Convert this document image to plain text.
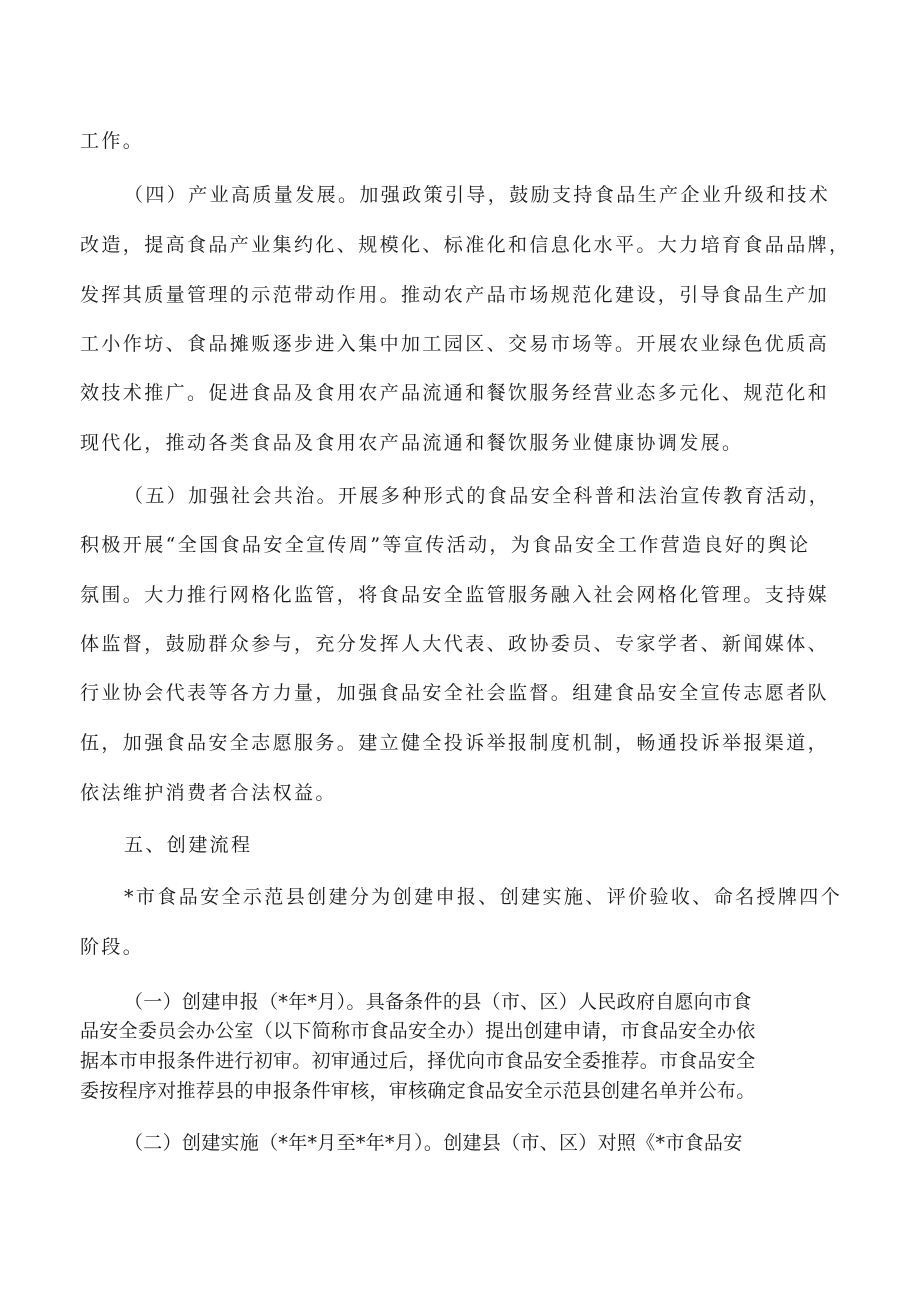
工作。
（四）产业高质量发展。加强政策引导，鼓励支持食品生产企业升级和技术
改造，提高食品产业集约化、规模化、标准化和信息化水平。大力培育食品品牌，
发挥其质量管理的示范带动作用。推动农产品市场规范化建设，引导食品生产加
工小作坊、食品摊贩逐步进入集中加工园区、交易市场等。开展农业绿色优质高
效技术推广。促进食品及食用农产品流通和餐饮服务经营业态多元化、规范化和
现代化，推动各类食品及食用农产品流通和餐饮服务业健康协调发展。
（五）加强社会共治。开展多种形式的食品安全科普和法治宣传教育活动，
积极开展“全国食品安全宣传周”等宣传活动，为食品安全工作营造良好的舆论
氛围。大力推行网格化监管，将食品安全监管服务融入社会网格化管理。支持媒
体监督，鼓励群众参与，充分发挥人大代表、政协委员、专家学者、新闻媒体、
行业协会代表等各方力量，加强食品安全社会监督。组建食品安全宣传志愿者队
伍，加强食品安全志愿服务。建立健全投诉举报制度机制，畅通投诉举报渠道，
依法维护消费者合法权益。
五、创建流程
*市食品安全示范县创建分为创建申报、创建实施、评价验收、命名授牌四个
阶段。
（一）创建申报（*年*月）。具备条件的县（市、区）人民政府自愿向市食
品安全委员会办公室（以下简称市食品安全办）提出创建申请，市食品安全办依
据本市申报条件进行初审。初审通过后，择优向市食品安全委推荐。市食品安全
委按程序对推荐县的申报条件审核，审核确定食品安全示范县创建名单并公布。
（二）创建实施（*年*月至*年*月）。创建县（市、区）对照《*市食品安
